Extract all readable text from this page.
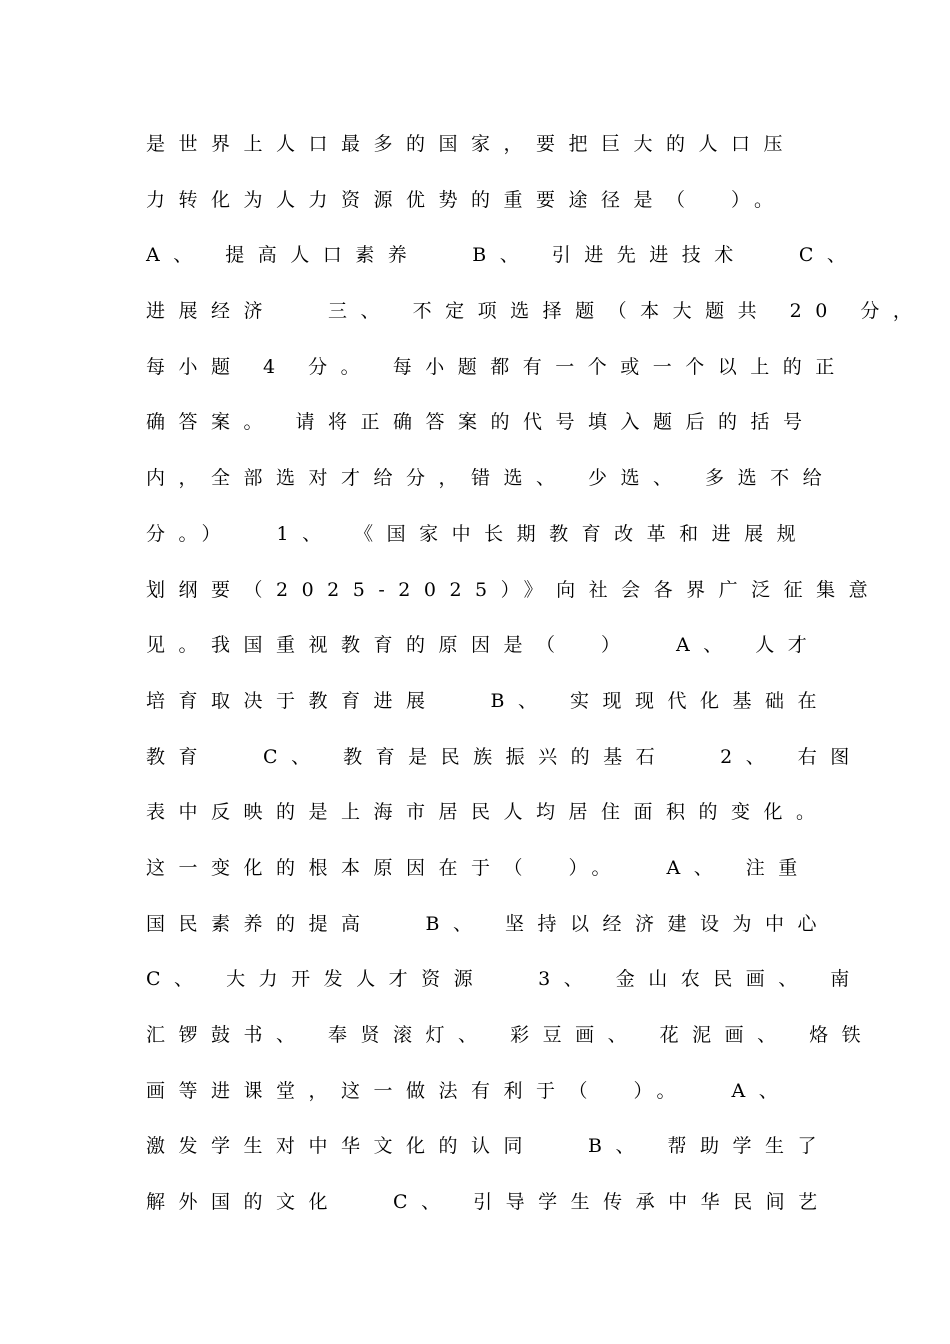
是世界上人口最多的国家，要把巨大的人口压
力转化为人力资源优势的重要途径是（　）。
A、 提高人口素养　 B、 引进先进技术　 C、
进展经济　 三、 不定项选择题（本大题共 20 分，
每小题 4 分。 每小题都有一个或一个以上的正
确答案。 请将正确答案的代号填入题后的括号
内，全部选对才给分，错选、 少选、 多选不给
分。）　 1、 《国家中长期教育改革和进展规
划纲要（2025-2025）》向社会各界广泛征集意
见。我国重视教育的原因是（　）　 A、 人才
培育取决于教育进展　 B、 实现现代化基础在
教育　 C、 教育是民族振兴的基石　 2、 右图
表中反映的是上海市居民人均居住面积的变化。
这一变化的根本原因在于（　）。　 A、 注重
国民素养的提高　 B、 坚持以经济建设为中心
C、 大力开发人才资源　 3、 金山农民画、 南
汇锣鼓书、 奉贤滚灯、 彩豆画、 花泥画、 烙铁
画等进课堂，这一做法有利于（　）。　 A、
激发学生对中华文化的认同　 B、 帮助学生了
解外国的文化　 C、 引导学生传承中华民间艺
